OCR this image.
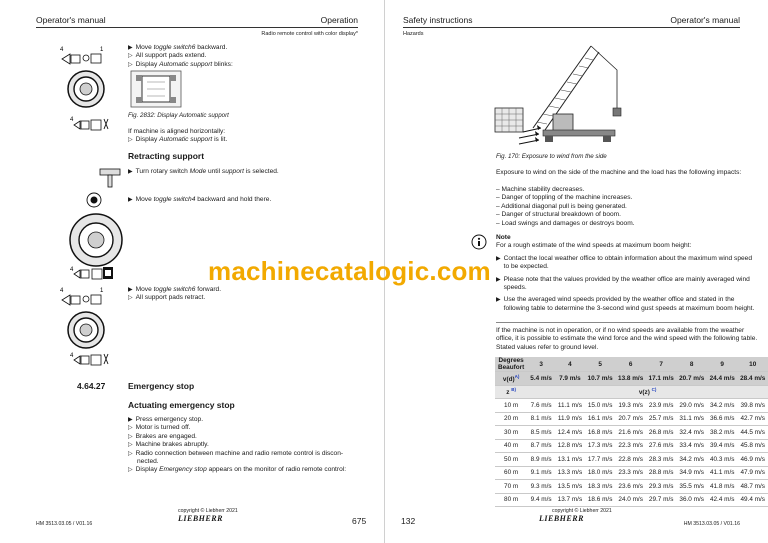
Operator's manual	Operation
Radio remote control with color display*
4	1	▶ Move toggle switch6 backward.
▷ All support pads extend.
▷ Display Automatic support blinks:
4
Fig. 2832: Display Automatic support
If machine is aligned horizontally:
▷ Display Automatic support is lit.
Retracting support
▶ Turn rotary switch Mode until support is selected.
▶ Move toggle switch4 backward and hold there.
4
4	1	▶ Move toggle switch6 forward.
▷ All support pads retract.
4
4.64.27	Emergency stop
Actuating emergency stop
▶ Press emergency stop.
▷ Motor is turned off.
▷ Brakes are engaged.
▷ Machine brakes abruptly.
▷ Radio connection between machine and radio remote control is discon-
nected.
▷ Display Emergency stop appears on the monitor of radio remote control:
HM 3513.03.05 / V01.16
copyright © Liebherr 2021
LIEBHERR	675
Safety instructions	Operator's manual
Hazards
Fig. 170: Exposure to wind from the side
Exposure to wind on the side of the machine and the load has the following impacts:
– Machine stability decreases.
– Danger of toppling of the machine increases.
– Additional diagonal pull is being generated.
– Danger of structural breakdown of boom.
– Load swings and damages or destroys boom.
Note
For a rough estimate of the wind speeds at maximum boom height:
▶ Contact the local weather office to obtain information about the maximum wind speed to be expected.
▶ Please note that the values provided by the weather office are mainly averaged wind speeds.
▶ Use the averaged wind speeds provided by the weather office and stated in the following table to determine the 3-second wind gust speeds at maximum boom height.
If the machine is not in operation, or if no wind speeds are available from the weather office, it is possible to estimate the wind force and the wind speed with the following table. Stated values refer to ground level.
copyright © Liebherr 2021
LIEBHERR
132	HM 3513.03.05 / V01.16
Degrees
Beaufort	3	4	5	6	7	8	9	10
$v(d)^{A)}$	5.4 m/s	7.9 m/s	10.7 m/s	13.8 m/s	17.1 m/s	20.7 m/s	24.4 m/s	28.4 m/s
z $^{B)}$	v(z) $^{C)}$
10 m	7.6 m/s	11.1 m/s	15.0 m/s	19.3 m/s	23.9 m/s	29.0 m/s	34.2 m/s	39.8 m/s
20 m	8.1 m/s	11.9 m/s	16.1 m/s	20.7 m/s	25.7 m/s	31.1 m/s	36.6 m/s	42.7 m/s
30 m	8.5 m/s	12.4 m/s	16.8 m/s	21.6 m/s	26.8 m/s	32.4 m/s	38.2 m/s	44.5 m/s
40 m	8.7 m/s	12.8 m/s	17.3 m/s	22.3 m/s	27.6 m/s	33.4 m/s	39.4 m/s	45.8 m/s
50 m	8.9 m/s	13.1 m/s	17.7 m/s	22.8 m/s	28.3 m/s	34.2 m/s	40.3 m/s	46.9 m/s
60 m	9.1 m/s	13.3 m/s	18.0 m/s	23.3 m/s	28.8 m/s	34.9 m/s	41.1 m/s	47.9 m/s
70 m	9.3 m/s	13.5 m/s	18.3 m/s	23.6 m/s	29.3 m/s	35.5 m/s	41.8 m/s	48.7 m/s
80 m	9.4 m/s	13.7 m/s	18.6 m/s	24.0 m/s	29.7 m/s	36.0 m/s	42.4 m/s	49.4 m/s
machinecatalogic.com
